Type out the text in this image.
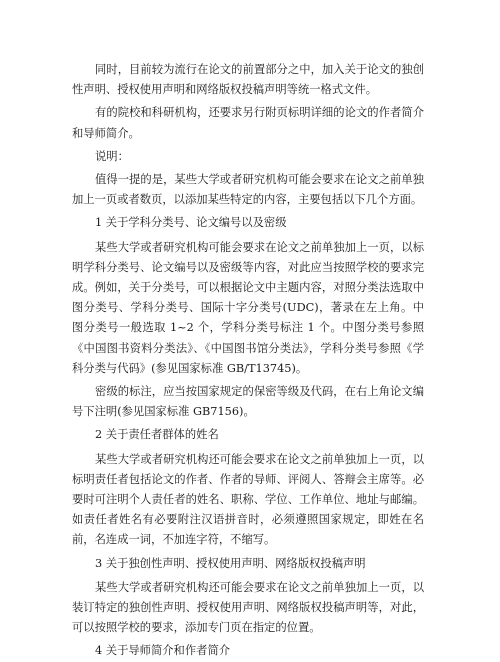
同时，目前较为流行在论文的前置部分之中，加入关于论文的独创性声明、授权使用声明和网络版权投稿声明等统一格式文件。

有的院校和科研机构，还要求另行附页标明详细的论文的作者简介和导师简介。

说明：

值得一提的是，某些大学或者研究机构可能会要求在论文之前单独加上一页或者数页，以添加某些特定的内容，主要包括以下几个方面。

1 关于学科分类号、论文编号以及密级

某些大学或者研究机构可能会要求在论文之前单独加上一页，以标明学科分类号、论文编号以及密级等内容，对此应当按照学校的要求完成。例如，关于分类号，可以根据论文中主题内容，对照分类法选取中图分类号、学科分类号、国际十字分类号(UDC)，著录在左上角。中图分类号一般选取 1~2 个，学科分类号标注 1 个。中图分类号参照《中国图书资料分类法》、《中国图书馆分类法》，学科分类号参照《学科分类与代码》(参见国家标准 GB/T13745)。

密级的标注，应当按国家规定的保密等级及代码，在右上角论文编号下注明(参见国家标准 GB7156)。

2 关于责任者群体的姓名

某些大学或者研究机构还可能会要求在论文之前单独加上一页，以标明责任者包括论文的作者、作者的导师、评阅人、答辩会主席等。必要时可注明个人责任者的姓名、职称、学位、工作单位、地址与邮编。如责任者姓名有必要附注汉语拼音时，必须遵照国家规定，即姓在名前，名连成一词，不加连字符，不缩写。

3 关于独创性声明、授权使用声明、网络版权投稿声明

某些大学或者研究机构还可能会要求在论文之前单独加上一页，以装订特定的独创性声明、授权使用声明、网络版权投稿声明等，对此，可以按照学校的要求，添加专门页在指定的位置。

4 关于导师简介和作者简介
